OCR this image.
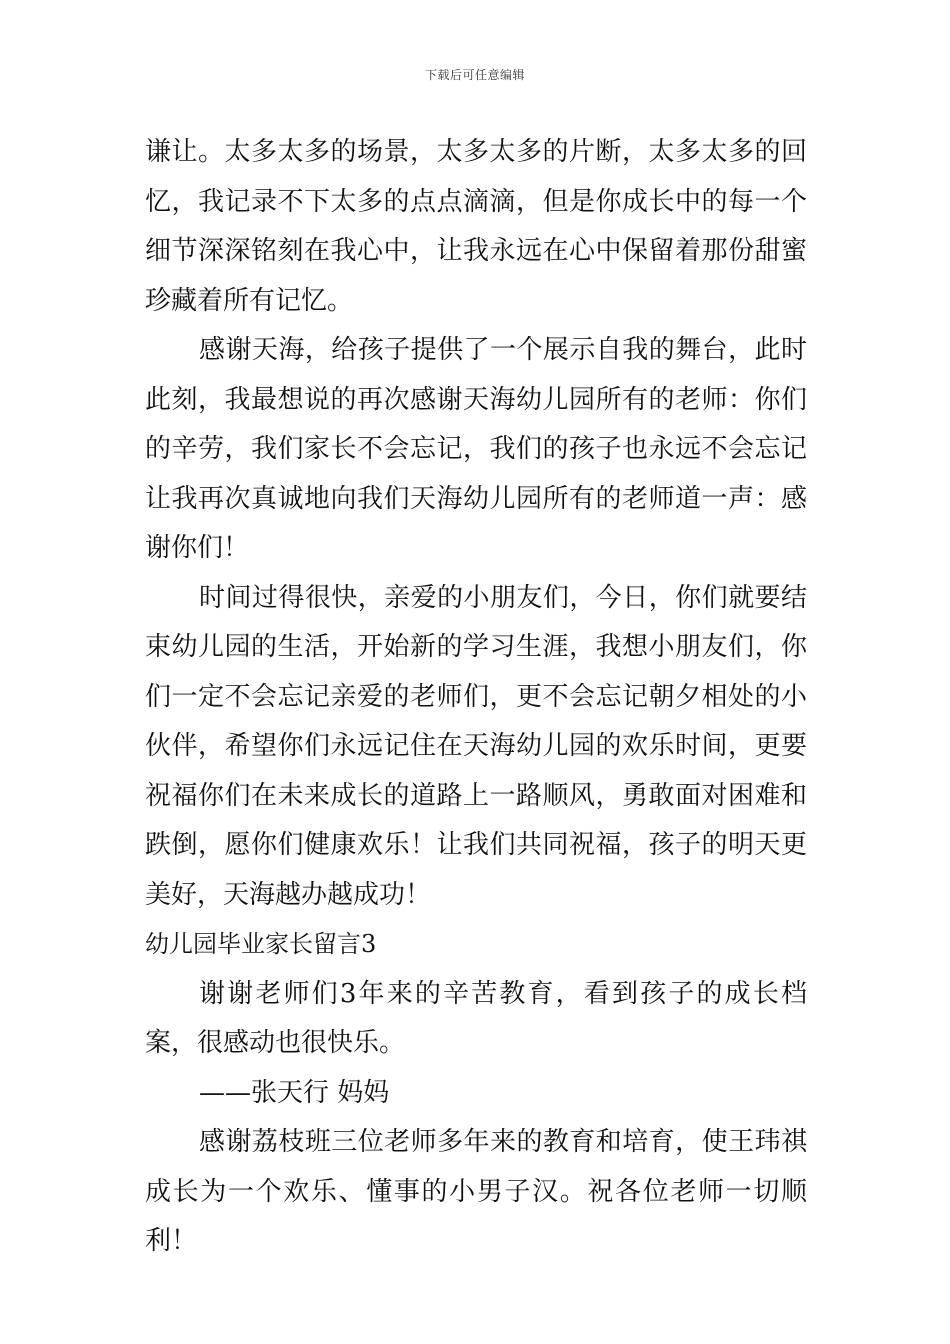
下载后可任意编辑

谦让。太多太多的场景，太多太多的片断，太多太多的回忆，我记录不下太多的点点滴滴，但是你成长中的每一个细节深深铭刻在我心中，让我永远在心中保留着那份甜蜜珍藏着所有记忆。

感谢天海，给孩子提供了一个展示自我的舞台，此时此刻，我最想说的再次感谢天海幼儿园所有的老师：你们的辛劳，我们家长不会忘记，我们的孩子也永远不会忘记让我再次真诚地向我们天海幼儿园所有的老师道一声：感谢你们！

时间过得很快，亲爱的小朋友们，今日，你们就要结束幼儿园的生活，开始新的学习生涯，我想小朋友们，你们一定不会忘记亲爱的老师们，更不会忘记朝夕相处的小伙伴，希望你们永远记住在天海幼儿园的欢乐时间，更要祝福你们在未来成长的道路上一路顺风，勇敢面对困难和跌倒，愿你们健康欢乐！让我们共同祝福，孩子的明天更美好，天海越办越成功！

幼儿园毕业家长留言3

谢谢老师们3年来的辛苦教育，看到孩子的成长档案，很感动也很快乐。

——张天行 妈妈

感谢荔枝班三位老师多年来的教育和培育，使王玮祺成长为一个欢乐、懂事的小男子汉。祝各位老师一切顺利！
